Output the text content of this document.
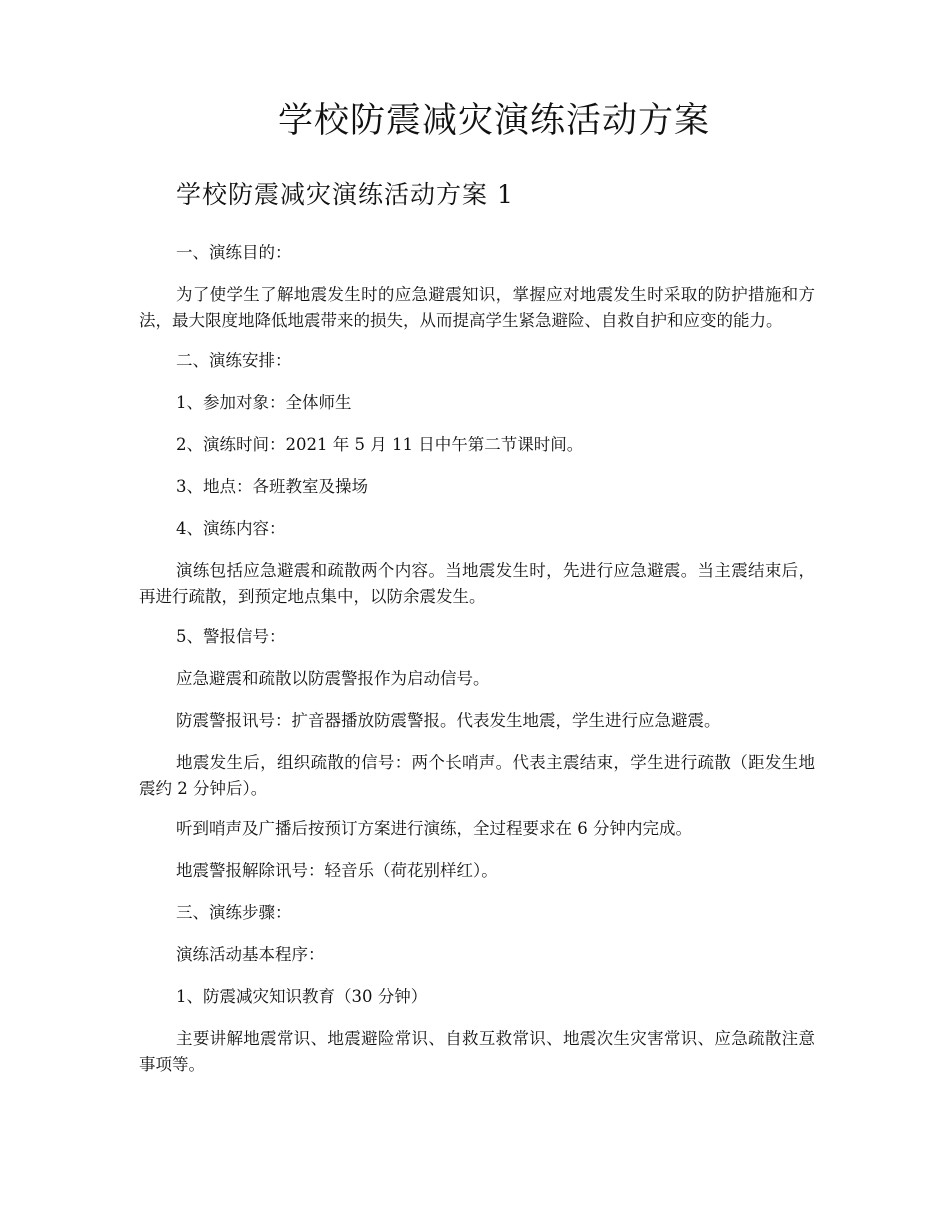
学校防震减灾演练活动方案
学校防震减灾演练活动方案 1

一、演练目的：

为了使学生了解地震发生时的应急避震知识，掌握应对地震发生时采取的防护措施和方法，最大限度地降低地震带来的损失，从而提高学生紧急避险、自救自护和应变的能力。

二、演练安排：

1、参加对象：全体师生

2、演练时间：2021 年 5 月 11 日中午第二节课时间。

3、地点：各班教室及操场

4、演练内容：

演练包括应急避震和疏散两个内容。当地震发生时，先进行应急避震。当主震结束后，再进行疏散，到预定地点集中，以防余震发生。

5、警报信号：

应急避震和疏散以防震警报作为启动信号。

防震警报讯号：扩音器播放防震警报。代表发生地震，学生进行应急避震。

地震发生后，组织疏散的信号：两个长哨声。代表主震结束，学生进行疏散（距发生地震约 2 分钟后）。

听到哨声及广播后按预订方案进行演练，全过程要求在 6 分钟内完成。

地震警报解除讯号：轻音乐（荷花别样红）。

三、演练步骤：

演练活动基本程序：

1、防震减灾知识教育（30 分钟）

主要讲解地震常识、地震避险常识、自救互救常识、地震次生灾害常识、应急疏散注意事项等。
